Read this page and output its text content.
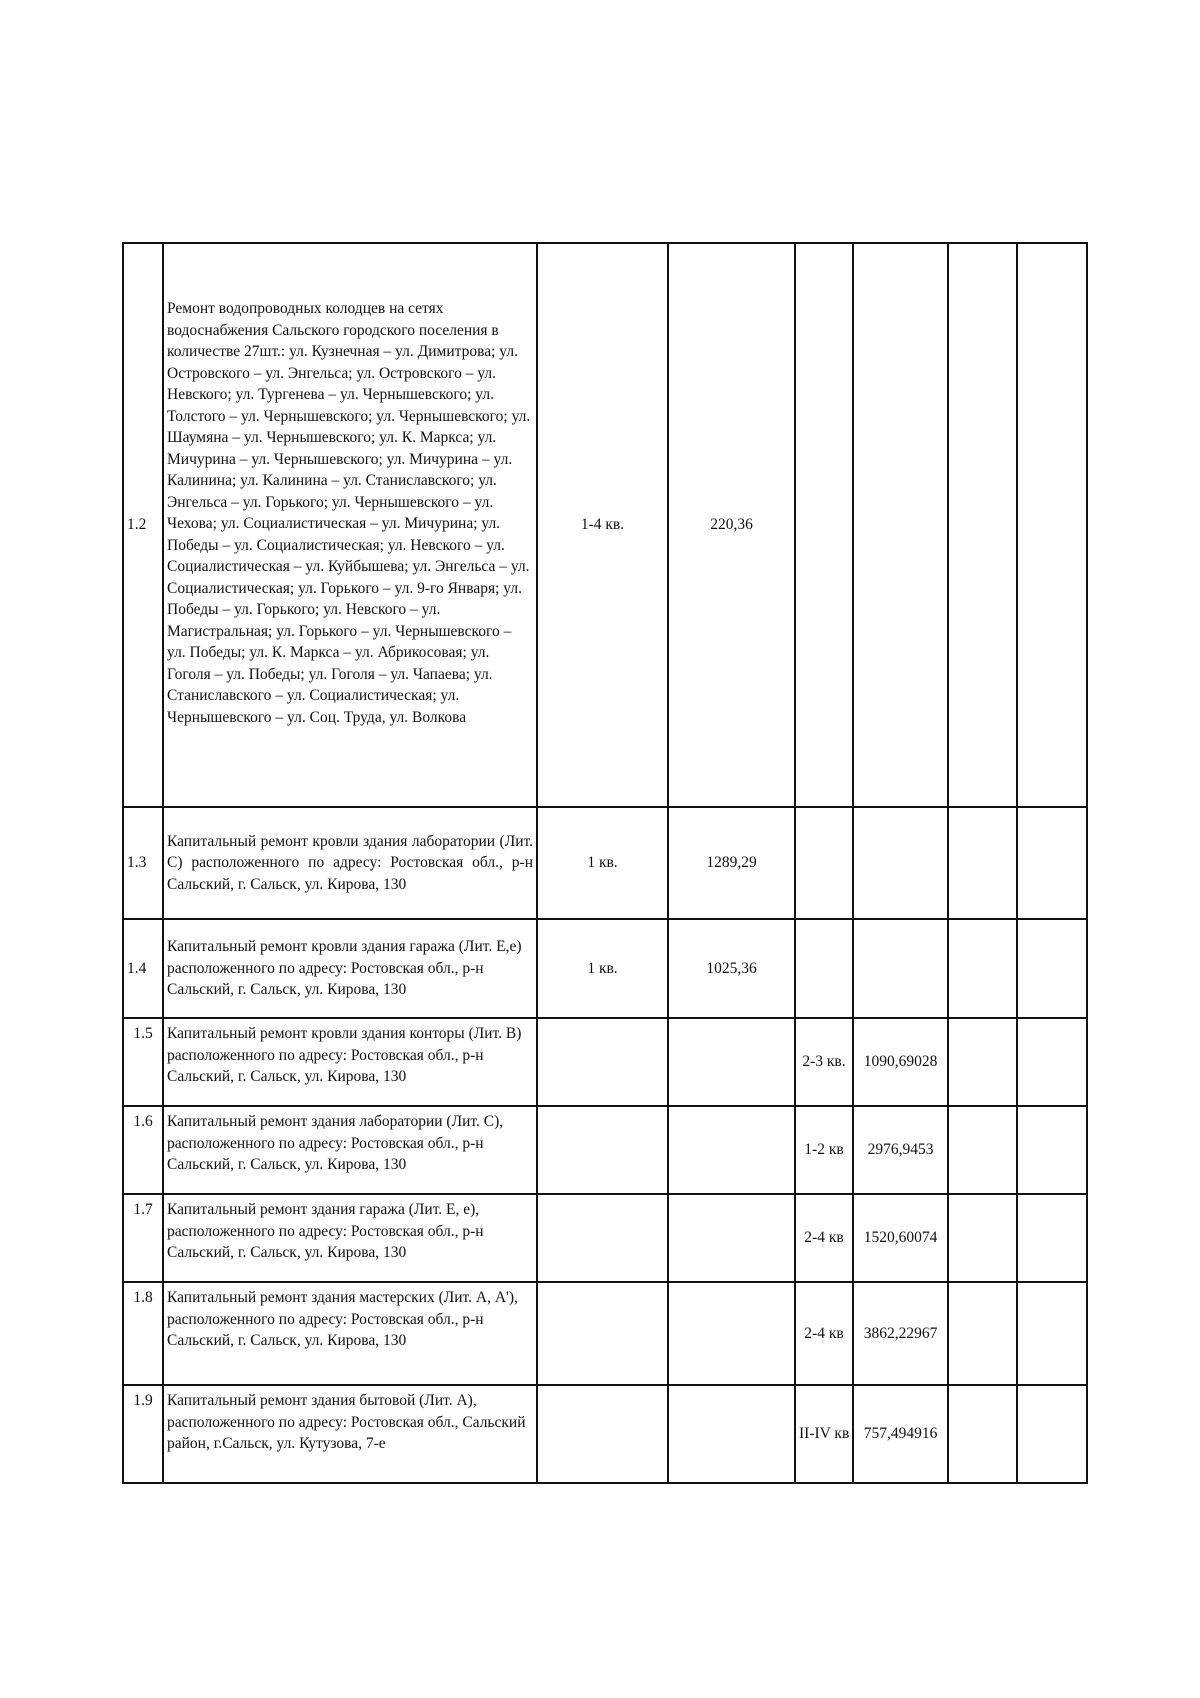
1.2	Ремонт водопроводных колодцев на сетях водоснабжения Сальского городского поселения в количестве 27шт.: ул. Кузнечная – ул. Димитрова; ул. Островского – ул. Энгельса; ул. Островского – ул. Невского; ул. Тургенева – ул. Чернышевского; ул. Толстого – ул. Чернышевского; ул. Чернышевского; ул. Шаумяна – ул. Чернышевского; ул. К. Маркса; ул. Мичурина – ул. Чернышевского; ул. Мичурина – ул. Калинина; ул. Калинина – ул. Станиславского; ул. Энгельса – ул. Горького; ул. Чернышевского – ул. Чехова; ул. Социалистическая – ул. Мичурина; ул. Победы – ул. Социалистическая; ул. Невского – ул. Социалистическая – ул. Куйбышева; ул. Энгельса – ул. Социалистическая; ул. Горького – ул. 9-го Января; ул. Победы – ул. Горького; ул. Невского – ул. Магистральная; ул. Горького – ул. Чернышевского – ул. Победы; ул. К. Маркса – ул. Абрикосовая; ул. Гоголя – ул. Победы; ул. Гоголя – ул. Чапаева; ул. Станиславского – ул. Социалистическая; ул. Чернышевского – ул. Соц. Труда, ул. Волкова	1-4 кв.	220,36				
1.3	Капитальный ремонт кровли здания лаборатории (Лит. С) расположенного по адресу: Ростовская обл., р-н Сальский, г. Сальск, ул. Кирова, 130	1 кв.	1289,29				
1.4	Капитальный ремонт кровли здания гаража (Лит. Е,е) расположенного по адресу: Ростовская обл., р-н Сальский, г. Сальск, ул. Кирова, 130	1 кв.	1025,36				
1.5	Капитальный ремонт кровли здания конторы (Лит. В) расположенного по адресу: Ростовская обл., р-н Сальский, г. Сальск, ул. Кирова, 130			2-3 кв.	1090,69028		
1.6	Капитальный ремонт здания лаборатории (Лит. С), расположенного по адресу: Ростовская обл., р-н Сальский, г. Сальск, ул. Кирова, 130			1-2 кв	2976,9453		
1.7	Капитальный ремонт здания гаража (Лит. Е, е), расположенного по адресу: Ростовская обл., р-н Сальский, г. Сальск, ул. Кирова, 130			2-4 кв	1520,60074		
1.8	Капитальный ремонт здания мастерских (Лит. А, А'), расположенного по адресу: Ростовская обл., р-н Сальский, г. Сальск, ул. Кирова, 130			2-4 кв	3862,22967		
1.9	Капитальный ремонт здания бытовой (Лит. А), расположенного по адресу: Ростовская обл., Сальский район, г.Сальск, ул. Кутузова, 7-е			II-IV кв	757,494916		
